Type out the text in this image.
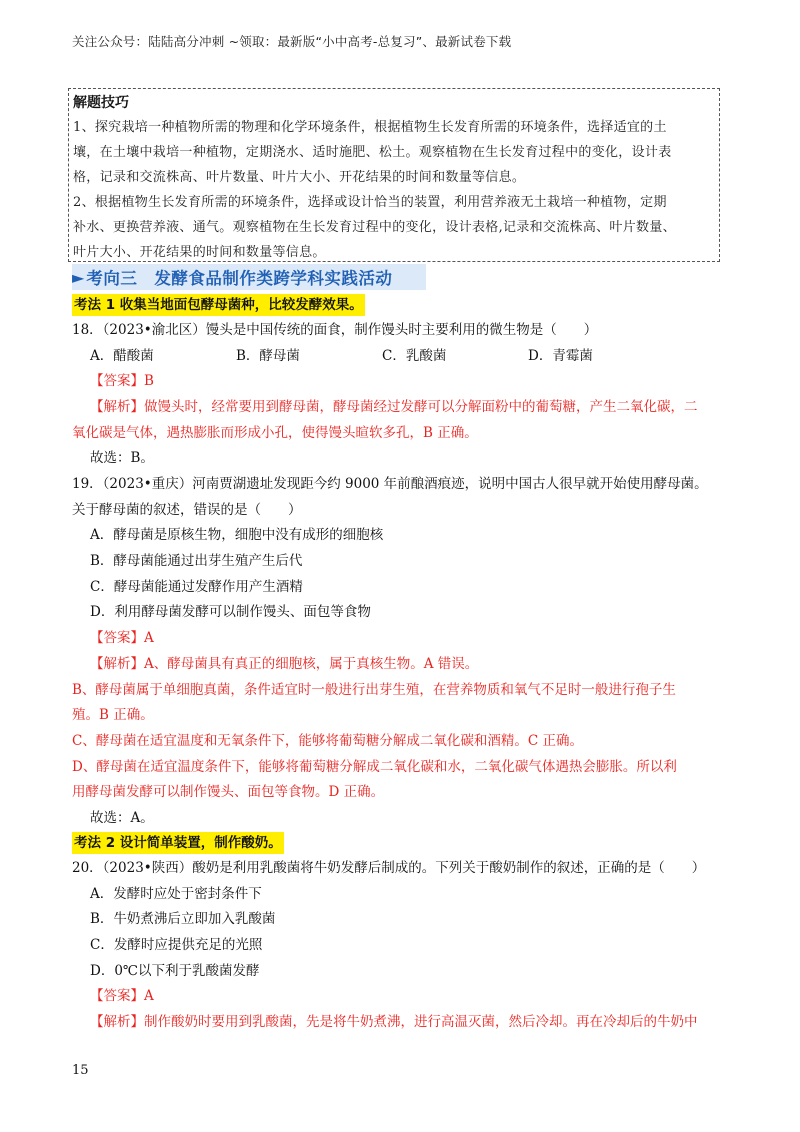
关注公众号：陆陆高分冲刺 ~领取：最新版“小中高考-总复习”、最新试卷下载
解题技巧

1、探究栽培一种植物所需的物理和化学环境条件，根据植物生长发育所需的环境条件，选择适宜的土
壤，在土壤中栽培一种植物，定期浇水、适时施肥、松土。观察植物在生长发育过程中的变化，设计表
格，记录和交流株高、叶片数量、叶片大小、开花结果的时间和数量等信息。

2、根据植物生长发育所需的环境条件，选择或设计恰当的装置，利用营养液无土栽培一种植物，定期
补水、更换营养液、通气。观察植物在生长发育过程中的变化，设计表格,记录和交流株高、叶片数量、
叶片大小、开花结果的时间和数量等信息。

► 考向三　发酵食品制作类跨学科实践活动
考法 1 收集当地面包酵母菌种，比较发酵效果。
18．（2023•渝北区）馒头是中国传统的面食，制作馒头时主要利用的微生物是（　　）
A．醋酸菌	B．酵母菌	C．乳酸菌	D．青霉菌
【答案】B
【解析】做馒头时，经常要用到酵母菌，酵母菌经过发酵可以分解面粉中的葡萄糖，产生二氧化碳，二
氧化碳是气体，遇热膨胀而形成小孔，使得馒头暄软多孔，B 正确。
故选：B。
19．（2023•重庆）河南贾湖遗址发现距今约 9000 年前酿酒痕迹，说明中国古人很早就开始使用酵母菌。
关于酵母菌的叙述，错误的是（　　）
A．酵母菌是原核生物，细胞中没有成形的细胞核
B．酵母菌能通过出芽生殖产生后代
C．酵母菌能通过发酵作用产生酒精
D．利用酵母菌发酵可以制作馒头、面包等食物
【答案】A
【解析】A、酵母菌具有真正的细胞核，属于真核生物。A 错误。
B、酵母菌属于单细胞真菌，条件适宜时一般进行出芽生殖，在营养物质和氧气不足时一般进行孢子生
殖。B 正确。
C、酵母菌在适宜温度和无氧条件下，能够将葡萄糖分解成二氧化碳和酒精。C 正确。
D、酵母菌在适宜温度条件下，能够将葡萄糖分解成二氧化碳和水，二氧化碳气体遇热会膨胀。所以利
用酵母菌发酵可以制作馒头、面包等食物。D 正确。
故选：A。
考法 2 设计简单装置，制作酸奶。
20．（2023•陕西）酸奶是利用乳酸菌将牛奶发酵后制成的。下列关于酸奶制作的叙述，正确的是（　　）
A．发酵时应处于密封条件下
B．牛奶煮沸后立即加入乳酸菌
C．发酵时应提供充足的光照
D．0℃以下利于乳酸菌发酵
【答案】A
【解析】制作酸奶时要用到乳酸菌，先是将牛奶煮沸，进行高温灭菌，然后冷却。再在冷却后的牛奶中
15
